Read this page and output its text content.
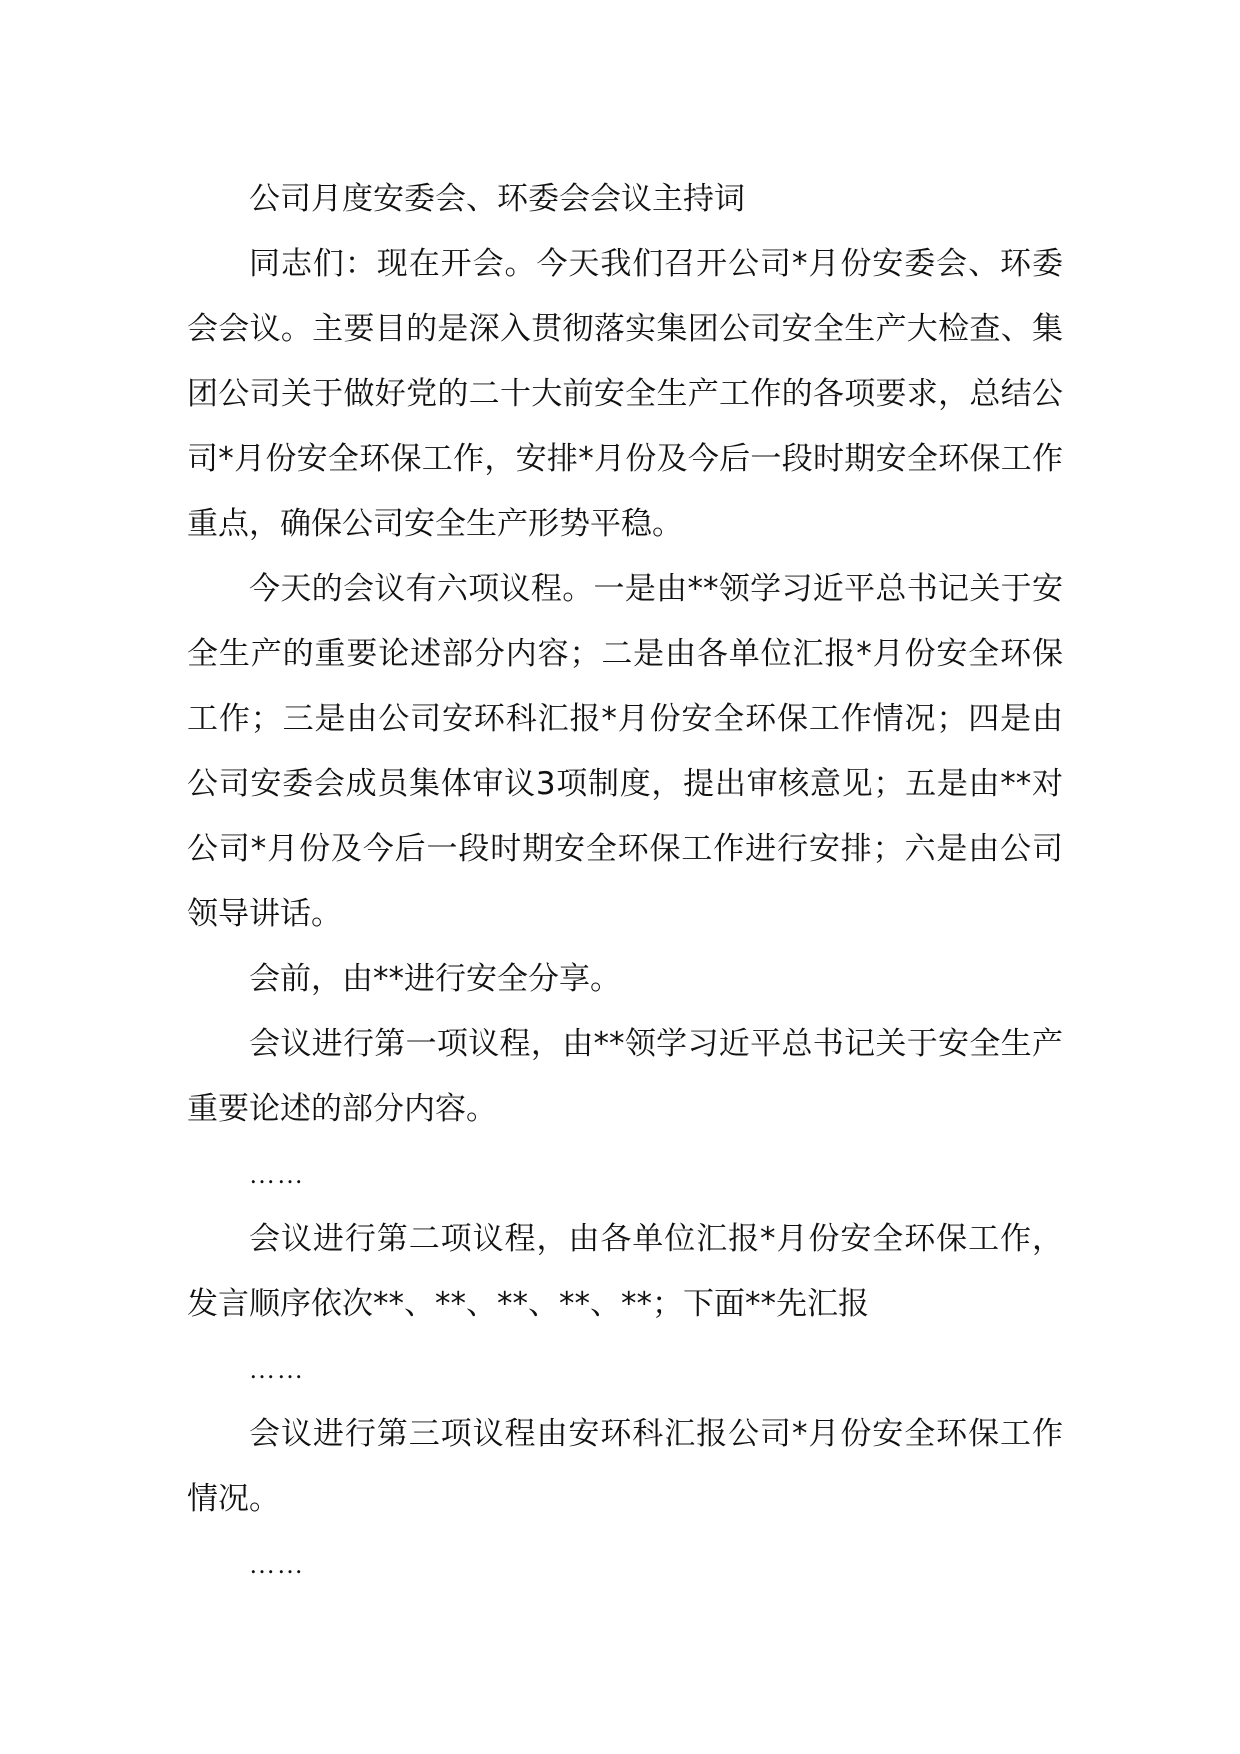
公司月度安委会、环委会会议主持词

同志们：现在开会。今天我们召开公司*月份安委会、环委会会议。主要目的是深入贯彻落实集团公司安全生产大检查、集团公司关于做好党的二十大前安全生产工作的各项要求，总结公司*月份安全环保工作，安排*月份及今后一段时期安全环保工作重点，确保公司安全生产形势平稳。

今天的会议有六项议程。一是由**领学习近平总书记关于安全生产的重要论述部分内容；二是由各单位汇报*月份安全环保工作；三是由公司安环科汇报*月份安全环保工作情况；四是由公司安委会成员集体审议3项制度，提出审核意见；五是由**对公司*月份及今后一段时期安全环保工作进行安排；六是由公司领导讲话。

会前，由**进行安全分享。

会议进行第一项议程，由**领学习近平总书记关于安全生产重要论述的部分内容。

……

会议进行第二项议程，由各单位汇报*月份安全环保工作，发言顺序依次**、**、**、**、**；下面**先汇报

……

会议进行第三项议程由安环科汇报公司*月份安全环保工作情况。

……
